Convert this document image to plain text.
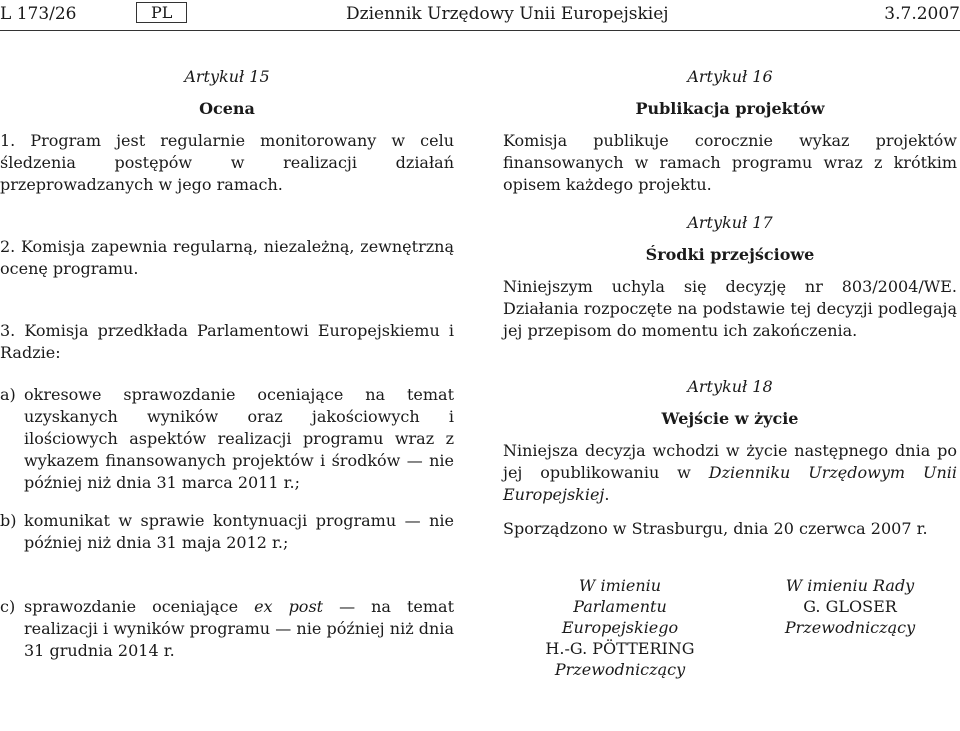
L 173/26	PL	Dziennik Urzędowy Unii Europejskiej	3.7.2007
Artykuł 15
Ocena
1. Program jest regularnie monitorowany w celu śledzenia postępów w realizacji działań przeprowadzanych w jego ramach.
2. Komisja zapewnia regularną, niezależną, zewnętrzną ocenę programu.
3. Komisja przedkłada Parlamentowi Europejskiemu i Radzie:
a) okresowe sprawozdanie oceniające na temat uzyskanych wyników oraz jakościowych i ilościowych aspektów realizacji programu wraz z wykazem finansowanych projektów i środków — nie później niż dnia 31 marca 2011 r.;
b) komunikat w sprawie kontynuacji programu — nie później niż dnia 31 maja 2012 r.;
c) sprawozdanie oceniające ex post — na temat realizacji i wyników programu — nie później niż dnia 31 grudnia 2014 r.
Artykuł 16
Publikacja projektów
Komisja publikuje corocznie wykaz projektów finansowanych w ramach programu wraz z krótkim opisem każdego projektu.
Artykuł 17
Środki przejściowe
Niniejszym uchyla się decyzję nr 803/2004/WE. Działania rozpoczęte na podstawie tej decyzji podlegają jej przepisom do momentu ich zakończenia.
Artykuł 18
Wejście w życie
Niniejsza decyzja wchodzi w życie następnego dnia po jej opublikowaniu w Dzienniku Urzędowym Unii Europejskiej.
Sporządzono w Strasburgu, dnia 20 czerwca 2007 r.
W imieniu
Parlamentu Europejskiego
H.-G. PÖTTERING
Przewodniczący
W imieniu Rady
G. GLOSER
Przewodniczący
